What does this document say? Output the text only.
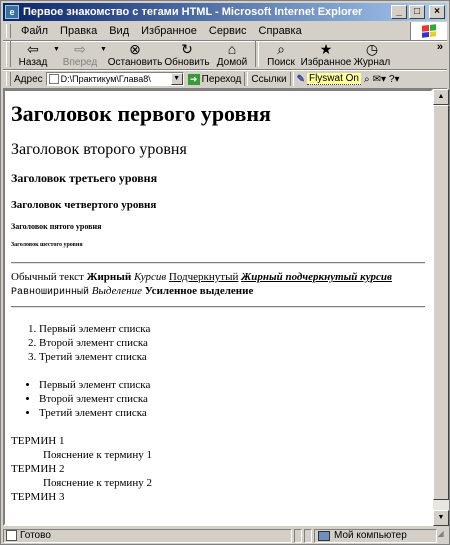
e Первое знакомство с тегами HTML - Microsoft Internet Explorer	_	□	×
Файл	Правка	Вид	Избранное	Сервис	Справка
⇦
Назад
▼ ⇨
Вперед
▼ ⊗
Остановить
↻
Обновить
⌂
Домой
⌕
Поиск
★
Избранное
◷
Журнал
»
Адрес D:\Практикум\Глава8\	▼ ➜ Переход Ссылки ✎ Flyswat On ⌕ ✉▾ ?▾
Заголовок первого уровня
Заголовок второго уровня
Заголовок третьего уровня
Заголовок четвертого уровня
Заголовок пятого уровня
Заголовок шестого уровня

Обычный текст Жирный Курсив Подчеркнутый Жирный подчеркнутый курсив
Равноширинный Выделение Усиленное выделение

1. Первый элемент списка
2. Второй элемент списка
3. Третий элемент списка
• Первый элемент списка
• Второй элемент списка
• Третий элемент списка
ТЕРМИН 1
Пояснение к термину 1
ТЕРМИН 2
Пояснение к термину 2
ТЕРМИН 3
▲
▼
Готово	Мой компьютер	◢
